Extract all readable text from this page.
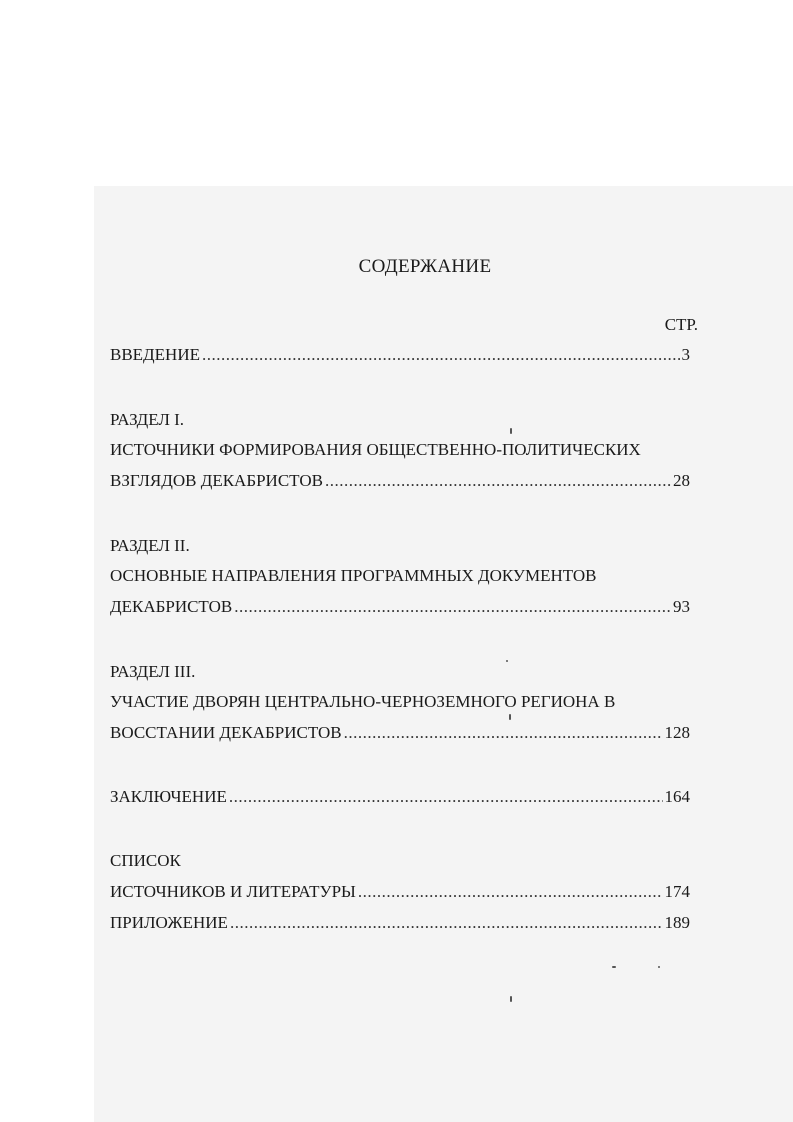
СОДЕРЖАНИЕ
СТР.
ВВЕДЕНИЕ .....	3
РАЗДЕЛ I.
ИСТОЧНИКИ ФОРМИРОВАНИЯ ОБЩЕСТВЕННО-ПОЛИТИЧЕСКИХ
ВЗГЛЯДОВ ДЕКАБРИСТОВ .....	28
РАЗДЕЛ II.
ОСНОВНЫЕ НАПРАВЛЕНИЯ ПРОГРАММНЫХ ДОКУМЕНТОВ
ДЕКАБРИСТОВ .....	93
РАЗДЕЛ III.
УЧАСТИЕ ДВОРЯН ЦЕНТРАЛЬНО-ЧЕРНОЗЕМНОГО РЕГИОНА В
ВОССТАНИИ ДЕКАБРИСТОВ .....	128
ЗАКЛЮЧЕНИЕ .....	164
СПИСОК
ИСТОЧНИКОВ И ЛИТЕРАТУРЫ .....	174
ПРИЛОЖЕНИЕ .....	189
